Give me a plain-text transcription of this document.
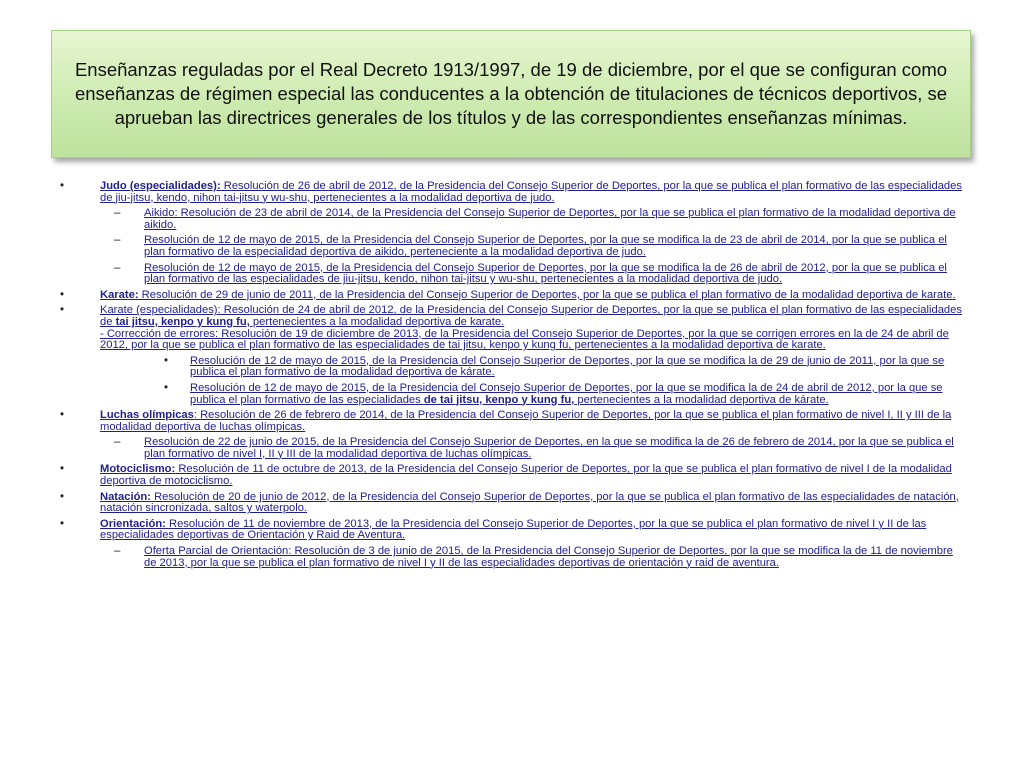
Enseñanzas reguladas por el Real Decreto 1913/1997, de 19 de diciembre, por el que se configuran como enseñanzas de régimen especial las conducentes a la obtención de titulaciones de técnicos deportivos, se aprueban las directrices generales de los títulos y de las correspondientes enseñanzas mínimas.
•	Judo (especialidades): Resolución de 26 de abril de 2012, de la Presidencia del Consejo Superior de Deportes, por la que se publica el plan formativo de las especialidades de jiu-jitsu, kendo, nihon tai-jitsu y wu-shu, pertenecientes a la modalidad deportiva de judo.
– Aikido: Resolución de 23 de abril de 2014, de la Presidencia del Consejo Superior de Deportes, por la que se publica el plan formativo de la modalidad deportiva de aikido.
– Resolución de 12 de mayo de 2015, de la Presidencia del Consejo Superior de Deportes, por la que se modifica la de 23 de abril de 2014, por la que se publica el plan formativo de la especialidad deportiva de aikido, perteneciente a la modalidad deportiva de judo.
– Resolución de 12 de mayo de 2015, de la Presidencia del Consejo Superior de Deportes, por la que se modifica la de 26 de abril de 2012, por la que se publica el plan formativo de las especialidades de jiu-jitsu, kendo, nihon tai-jitsu y wu-shu, pertenecientes a la modalidad deportiva de judo.
•	Karate: Resolución de 29 de junio de 2011, de la Presidencia del Consejo Superior de Deportes, por la que se publica el plan formativo de la modalidad deportiva de karate.
•	Karate (especialidades): Resolución de 24 de abril de 2012, de la Presidencia del Consejo Superior de Deportes, por la que se publica el plan formativo de las especialidades de tai jitsu, kenpo y kung fu, pertenecientes a la modalidad deportiva de karate.
- Corrección de errores: Resolución de 19 de diciembre de 2013, de la Presidencia del Consejo Superior de Deportes, por la que se corrigen errores en la de 24 de abril de 2012, por la que se publica el plan formativo de las especialidades de tai jitsu, kenpo y kung fu, pertenecientes a la modalidad deportiva de karate.
• Resolución de 12 de mayo de 2015, de la Presidencia del Consejo Superior de Deportes, por la que se modifica la de 29 de junio de 2011, por la que se publica el plan formativo de la modalidad deportiva de kárate.
• Resolución de 12 de mayo de 2015, de la Presidencia del Consejo Superior de Deportes, por la que se modifica la de 24 de abril de 2012, por la que se publica el plan formativo de las especialidades de tai jitsu, kenpo y kung fu, pertenecientes a la modalidad deportiva de kárate.
•	Luchas olímpicas: Resolución de 26 de febrero de 2014, de la Presidencia del Consejo Superior de Deportes, por la que se publica el plan formativo de nivel I, II y III de la modalidad deportiva de luchas olímpicas.
– Resolución de 22 de junio de 2015, de la Presidencia del Consejo Superior de Deportes, en la que se modifica la de 26 de febrero de 2014, por la que se publica el plan formativo de nivel I, II y III de la modalidad deportiva de luchas olímpicas.
•	Motociclismo: Resolución de 11 de octubre de 2013, de la Presidencia del Consejo Superior de Deportes, por la que se publica el plan formativo de nivel I de la modalidad deportiva de motociclismo.
•	Natación: Resolución de 20 de junio de 2012, de la Presidencia del Consejo Superior de Deportes, por la que se publica el plan formativo de las especialidades de natación, natación sincronizada, saltos y waterpolo.
•	Orientación: Resolución de 11 de noviembre de 2013, de la Presidencia del Consejo Superior de Deportes, por la que se publica el plan formativo de nivel I y II de las especialidades deportivas de Orientación y Raid de Aventura.
– Oferta Parcial de Orientación: Resolución de 3 de junio de 2015, de la Presidencia del Consejo Superior de Deportes, por la que se modifica la de 11 de noviembre de 2013, por la que se publica el plan formativo de nivel I y II de las especialidades deportivas de orientación y raid de aventura.
